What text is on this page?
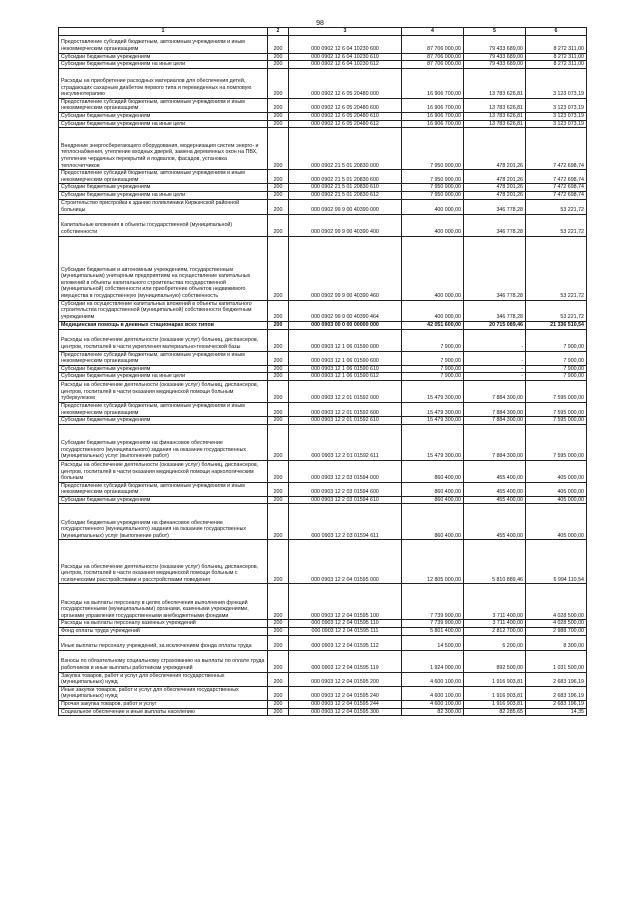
98
1	2	3	4	5	6
Предоставление субсидий бюджетным, автономным учреждениям и иным некоммерческим организациям	200	000 0902 12 6 04 10230 600	87 706 000,00	79 433 689,00	8 272 311,00
Субсидии бюджетным учреждениям	200	000 0902 12 6 04 10230 610	87 706 000,00	79 433 689,00	8 272 311,00
Субсидии бюджетным учреждениям на иные цели	200	000 0902 12 6 04 10230 612	87 706 000,00	79 433 689,00	8 272 311,00
Расходы на приобретение расходных материалов для обеспечения детей, страдающих сахарным диабетом первого типа и переведенных на помповую инсулинотерапию	200	000 0902 12 6 05 20480 000	16 906 700,00	13 783 626,81	3 123 073,19
Предоставление субсидий бюджетным, автономным учреждениям и иным некоммерческим организациям	200	000 0902 12 6 05 20480 600	16 906 700,00	13 783 626,81	3 123 073,19
Субсидии бюджетным учреждениям	200	000 0902 12 6 05 20480 610	16 906 700,00	13 783 626,81	3 123 073,19
Субсидии бюджетным учреждениям на иные цели	200	000 0902 12 6 05 20480 612	16 906 700,00	13 783 626,81	3 123 073,19
Внедрение энергосберегающего оборудования, модернизация систем энерго- и теплоснабжения, утепление входных дверей, замена деревянных окон на ПВХ, утепление чердачных перекрытий и подвалов, фасадов, установка теплосчетчиков	200	000 0902 21 5 01 20830 000	7 950 900,00	478 201,26	7 472 698,74
Предоставление субсидий бюджетным, автономным учреждениям и иным некоммерческим организациям	200	000 0902 21 5 01 20830 600	7 950 900,00	478 201,26	7 472 698,74
Субсидии бюджетным учреждениям	200	000 0902 21 5 01 20830 610	7 950 900,00	478 201,26	7 472 698,74
Субсидии бюджетным учреждениям на иные цели	200	000 0902 21 5 01 20830 612	7 950 900,00	478 201,26	7 472 698,74
Строительство пристройки к зданию поликлиники Киржачской районной больницы	200	000 0902 99 9 00 40390 000	400 000,00	346 778,28	53 221,72
Капитальные вложения в объекты государственной (муниципальной) собственности	200	000 0902 99 9 00 40390 400	400 000,00	346 778,28	53 221,72
Субсидии бюджетным и автономным учреждениям, государственным (муниципальным) унитарным предприятиям на осуществление капитальных вложений в объекты капитального строительства государственной (муниципальной) собственности или приобретение объектов недвижимого имущества в государственную (муниципальную) собственность	200	000 0902 99 9 00 40390 460	400 000,00	346 778,28	53 221,72
Субсидии на осуществление капитальных вложений в объекты капитального строительства государственной (муниципальной) собственности бюджетным учреждениям	200	000 0902 99 9 00 40390 464	400 000,00	346 778,28	53 221,72
Медицинская помощь в дневных стационарах всех типов	200	000 0903 00 0 00 00000 000	42 051 600,00	20 715 089,46	21 336 510,54
Расходы на обеспечение деятельности (оказание услуг) больниц, диспансеров, центров, госпиталей в части укрепления материально-технической базы	200	000 0903 12 1 06 01590 000	7 900,00	-	7 900,00
Предоставление субсидий бюджетным, автономным учреждениям и иным некоммерческим организациям	200	000 0903 12 1 06 01590 600	7 900,00	-	7 900,00
Субсидии бюджетным учреждениям	200	000 0903 12 1 06 01590 610	7 900,00	-	7 900,00
Субсидии бюджетным учреждениям на иные цели	200	000 0903 12 1 06 01590 612	7 900,00	-	7 900,00
Расходы на обеспечение деятельности (оказание услуг) больниц, диспансеров, центров, госпиталей в части оказания медицинской помощи больным туберкулезом	200	000 0903 12 2 01 01592 000	15 479 300,00	7 884 300,00	7 595 000,00
Предоставление субсидий бюджетным, автономным учреждениям и иным некоммерческим организациям	200	000 0903 12 2 01 01592 600	15 479 300,00	7 884 300,00	7 595 000,00
Субсидии бюджетным учреждениям	200	000 0903 12 2 01 01592 610	15 479 300,00	7 884 300,00	7 595 000,00
Субсидии бюджетным учреждениям на финансовое обеспечение государственного (муниципального) задания на оказание государственных (муниципальных) услуг (выполнение работ)	200	000 0903 12 2 01 01592 611	15 479 300,00	7 884 300,00	7 595 000,00
Расходы на обеспечение деятельности (оказание услуг) больниц, диспансеров, центров, госпиталей в части оказания медицинской помощи наркологическим больным	200	000 0903 12 2 03 01594 000	860 400,00	455 400,00	405 000,00
Предоставление субсидий бюджетным, автономным учреждениям и иным некоммерческим организациям	200	000 0903 12 2 03 01594 600	860 400,00	455 400,00	405 000,00
Субсидии бюджетным учреждениям	200	000 0903 12 2 03 01594 610	860 400,00	455 400,00	405 000,00
Субсидии бюджетным учреждениям на финансовое обеспечение государственного (муниципального) задания на оказание государственных (муниципальных) услуг (выполнение работ)	200	000 0903 12 2 03 01594 611	860 400,00	455 400,00	405 000,00
Расходы на обеспечение деятельности (оказание услуг) больниц, диспансеров, центров, госпиталей в части оказания медицинской помощи больным с психическими расстройствами и расстройствами поведения	200	000 0903 12 2 04 01595 000	12 805 000,00	5 810 889,46	6 994 110,54
Расходы на выплаты персоналу в целях обеспечения выполнения функций государственными (муниципальными) органами, казенными учреждениями, органами управления государственными внебюджетными фондами	200	000 0903 12 2 04 01595 100	7 739 900,00	3 711 400,00	4 028 500,00
Расходы на выплаты персоналу казенных учреждений	200	000 0903 12 2 04 01595 110	7 739 900,00	3 711 400,00	4 028 500,00
Фонд оплаты труда учреждений	200	000 0903 12 2 04 01595 111	5 801 400,00	2 812 700,00	2 988 700,00
Иные выплаты персоналу учреждений, за исключением фонда оплаты труда	200	000 0903 12 2 04 01595 112	14 500,00	6 200,00	8 300,00
Взносы по обязательному социальному страхованию на выплаты по оплате труда работников и иные выплаты работникам учреждений	200	000 0903 12 2 04 01595 119	1 924 000,00	892 500,00	1 031 500,00
Закупка товаров, работ и услуг для обеспечения государственных (муниципальных) нужд	200	000 0903 12 2 04 01595 200	4 600 100,00	1 916 903,81	2 683 196,19
Иные закупки товаров, работ и услуг для обеспечения государственных (муниципальных) нужд	200	000 0903 12 2 04 01595 240	4 600 100,00	1 916 903,81	2 683 196,19
Прочая закупка товаров, работ и услуг	200	000 0903 12 2 04 01595 244	4 600 100,00	1 916 903,81	2 683 196,19
Социальное обеспечение и иные выплаты населению	200	000 0903 12 2 04 01595 300	82 300,00	82 285,65	14,35
